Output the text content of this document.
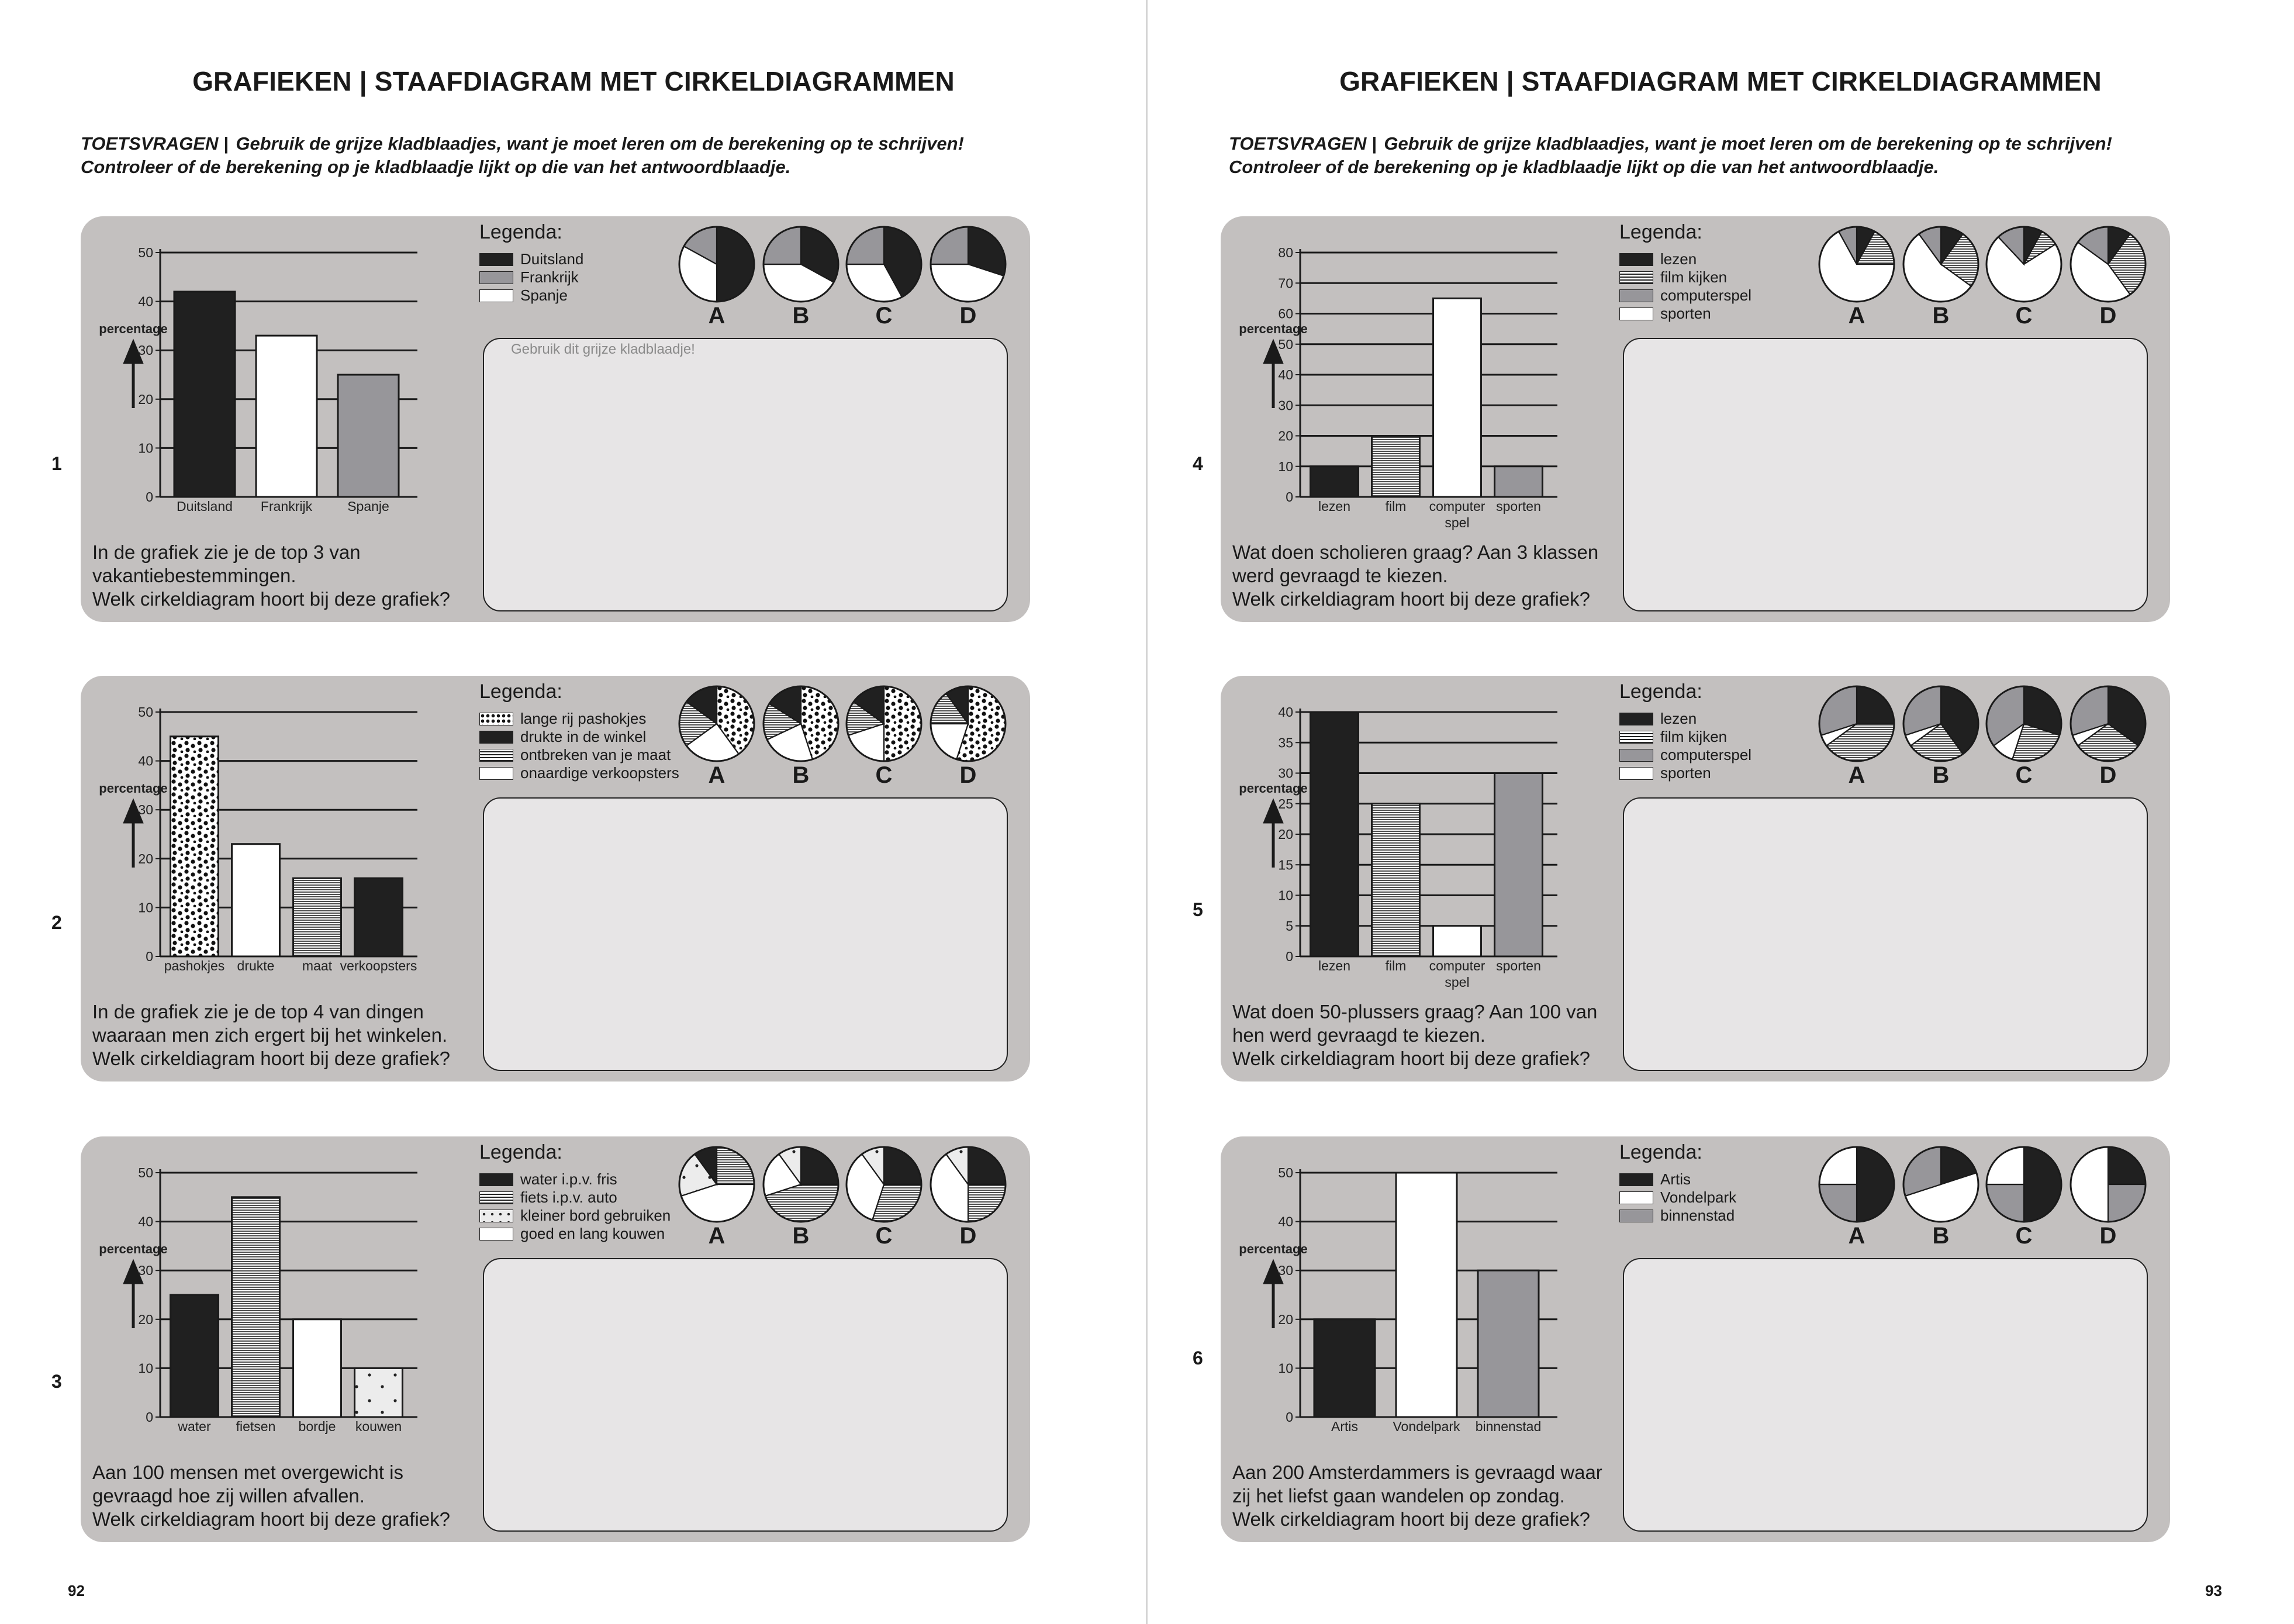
GRAFIEKEN | STAAFDIAGRAM MET CIRKELDIAGRAMMEN

TOETSVRAGEN | Gebruik de grijze kladblaadjes, want je moet leren om de berekening op te schrijven! Controleer of de berekening op je kladblaadje lijkt op die van het antwoordblaadje.

1
0
10
20
30
40
50
percentage
Duitsland Frankrijk	Spanje

In de grafiek zie je de top 3 van
vakantiebestemmingen.
Welk cirkeldiagram hoort bij deze grafiek?

Legenda:

Duitsland
Frankrijk
Spanje
A	B	C	D
Gebruik dit grijze kladblaadje!
2
0
10
20
30
40
50
percentage
pashokjes drukte maat verkoopsters

In de grafiek zie je de top 4 van dingen
waaraan men zich ergert bij het winkelen.
Welk cirkeldiagram hoort bij deze grafiek?

Legenda:

lange rij pashokjes
drukte in de winkel
ontbreken van je maat
onaardige verkoopsters	A	B	C	D
3
0
10
20
30
40
50
percentage
water fietsen bordje kouwen

Aan 100 mensen met overgewicht is
gevraagd hoe zij willen afvallen.
Welk cirkeldiagram hoort bij deze grafiek?

Legenda:

water i.p.v. fris
fiets i.p.v. auto
kleiner bord gebruiken
goed en lang kouwen	A	B	C	D
92
GRAFIEKEN | STAAFDIAGRAM MET CIRKELDIAGRAMMEN

TOETSVRAGEN | Gebruik de grijze kladblaadjes, want je moet leren om de berekening op te schrijven! Controleer of de berekening op je kladblaadje lijkt op die van het antwoordblaadje.

4
0
10
20
30
40
50
60
70
80
percentage
lezen	film computer
spel
sporten

Wat doen scholieren graag? Aan 3 klassen
werd gevraagd te kiezen.
Welk cirkeldiagram hoort bij deze grafiek?

Legenda:

lezen
film kijken
computerspel
sporten	A	B	C	D
5
0
5
10
15
20
25
30
35
40
percentage
lezen	film computer
spel
sporten

Wat doen 50-plussers graag? Aan 100 van
hen werd gevraagd te kiezen.
Welk cirkeldiagram hoort bij deze grafiek?

Legenda:

lezen
film kijken
computerspel
sporten	A	B	C	D
6
0
10
20
30
40
50
percentage
Artis	Vondelpark binnenstad

Aan 200 Amsterdammers is gevraagd waar
zij het liefst gaan wandelen op zondag.
Welk cirkeldiagram hoort bij deze grafiek?

Legenda:

Artis
Vondelpark
binnenstad
A	B	C	D
93
